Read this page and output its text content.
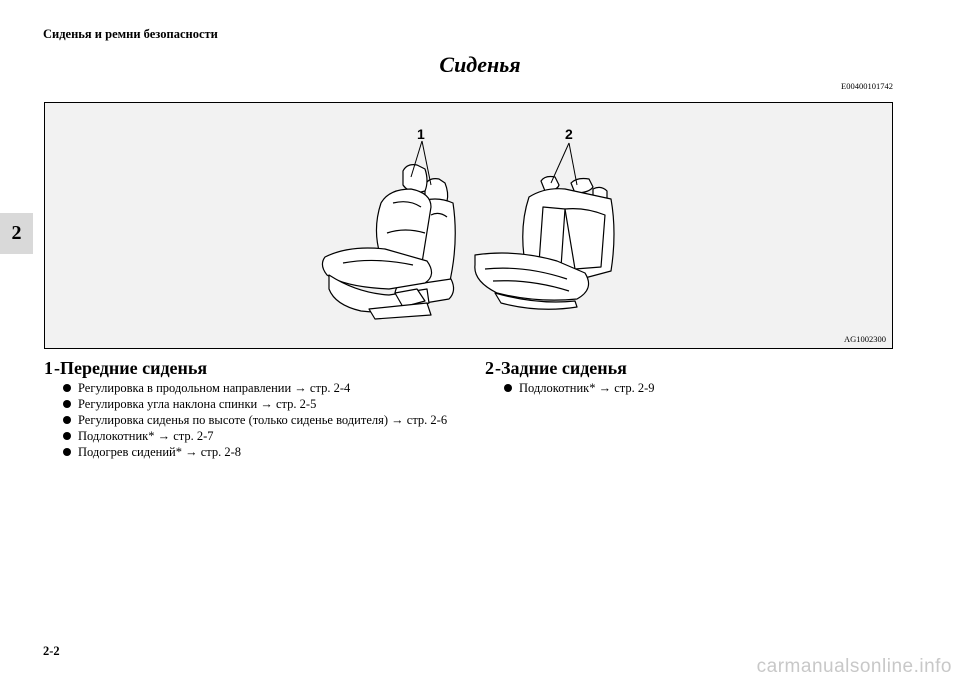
Сиденья и ремни безопасности
2
Сиденья
E00400101742
1	2
AG1002300
1-Передние сиденья
Регулировка в продольном направлении → стр. 2-4
Регулировка угла наклона спинки → стр. 2-5
Регулировка сиденья по высоте (только сиденье водителя) → стр. 2-6
Подлокотник* → стр. 2-7
Подогрев сидений* → стр. 2-8
2-Задние сиденья
Подлокотник* → стр. 2-9
2-2
carmanualsonline.info
